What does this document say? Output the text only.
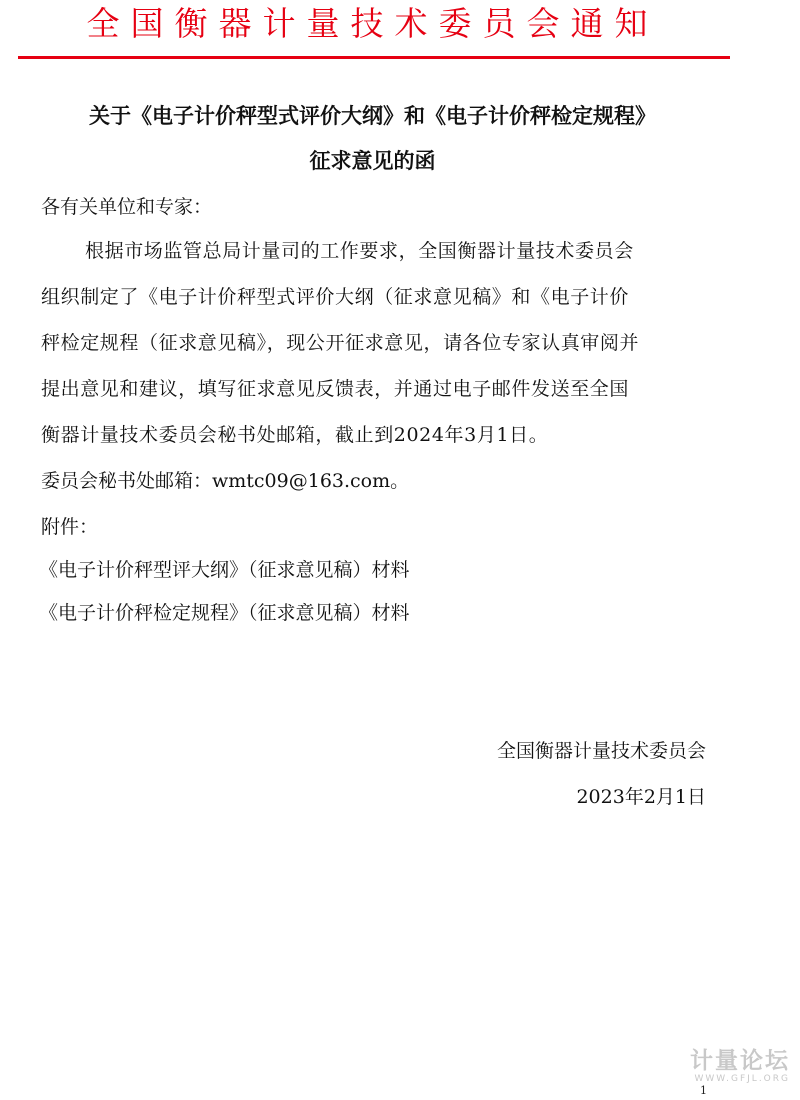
全国衡器计量技术委员会通知
关于《电子计价秤型式评价大纲》和《电子计价秤检定规程》
征求意见的函
各有关单位和专家：
根据市场监管总局计量司的工作要求，全国衡器计量技术委员会
组织制定了《电子计价秤型式评价大纲（征求意见稿》和《电子计价
秤检定规程（征求意见稿》，现公开征求意见，请各位专家认真审阅并
提出意见和建议，填写征求意见反馈表，并通过电子邮件发送至全国
衡器计量技术委员会秘书处邮箱，截止到2024年3月1日。
委员会秘书处邮箱：wmtc09@163.com。
附件：
《电子计价秤型评大纲》（征求意见稿）材料
《电子计价秤检定规程》（征求意见稿）材料
全国衡器计量技术委员会
2023年2月1日
计量论坛
WWW.GFJL.ORG
1
